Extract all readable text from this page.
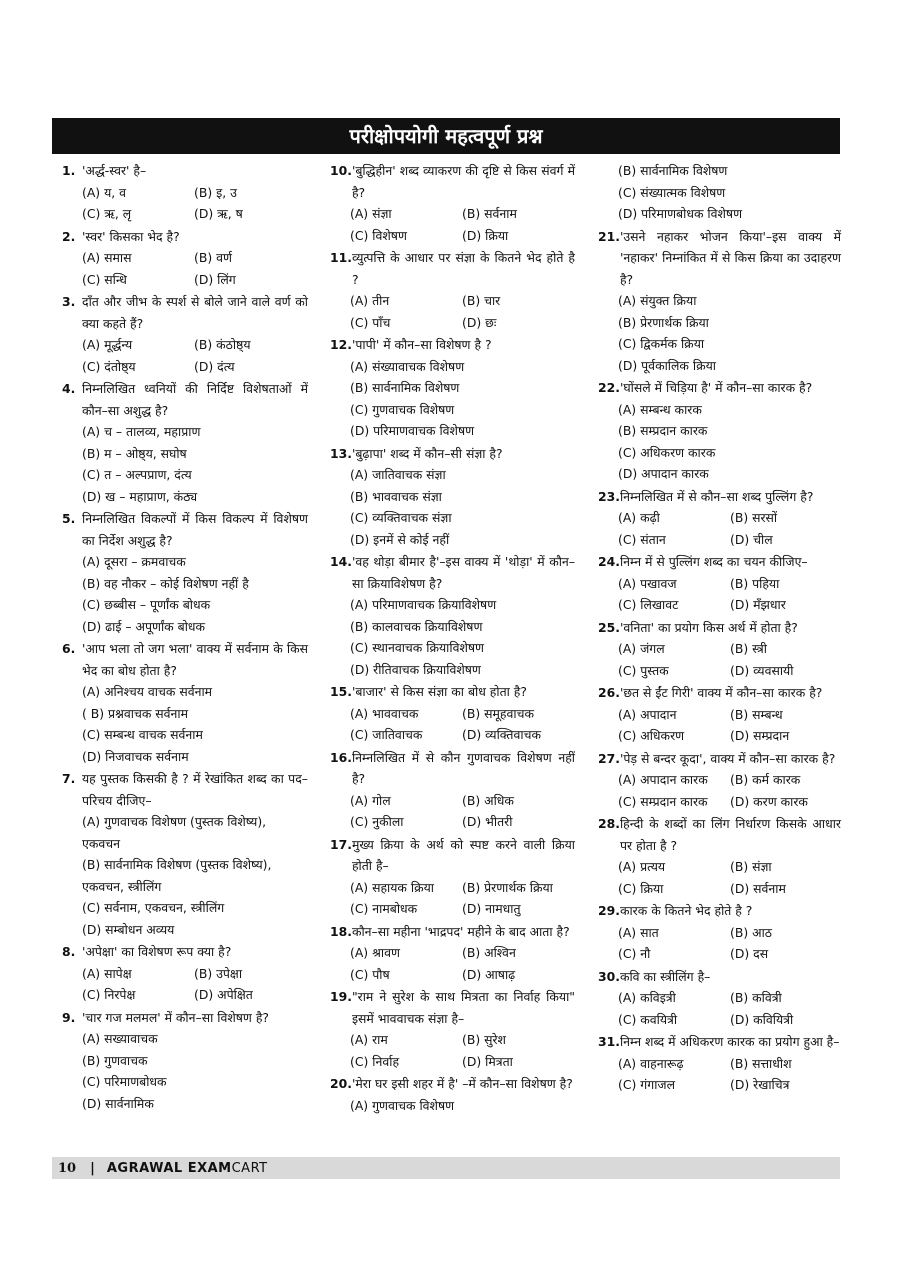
परीक्षोपयोगी महत्वपूर्ण प्रश्न
1. 'अर्द्ध-स्वर' है–
(A) य, व	(B) इ, उ
(C) ऋ, लृ	(D) ऋ, ष
2. 'स्वर' किसका भेद है?
(A) समास	(B) वर्ण
(C) सन्धि	(D) लिंग
3. दाँत और जीभ के स्पर्श से बोले जाने वाले वर्ण को क्या कहते हैं?
(A) मूर्द्धन्य	(B) कंठोष्ठ्य
(C) दंतोष्ठ्य	(D) दंत्य
4. निम्नलिखित ध्वनियों की निर्दिष्ट विशेषताओं में कौन–सा अशुद्ध है?
(A) च – तालव्य, महाप्राण
(B) म – ओष्ठ्य, सघोष
(C) त – अल्पप्राण, दंत्य
(D) ख – महाप्राण, कंठ्य
5. निम्नलिखित विकल्पों में किस विकल्प में विशेषण का निर्देश अशुद्ध है?
(A) दूसरा – क्रमवाचक
(B) वह नौकर – कोई विशेषण नहीं है
(C) छब्बीस – पूर्णांक बोधक
(D) ढाई – अपूर्णांक बोधक
6. 'आप भला तो जग भला' वाक्य में सर्वनाम के किस भेद का बोध होता है?
(A) अनिश्चय वाचक सर्वनाम
( B) प्रश्नवाचक सर्वनाम
(C) सम्बन्ध वाचक सर्वनाम
(D) निजवाचक सर्वनाम
7. यह पुस्तक किसकी है ? में रेखांकित शब्द का पद–परिचय दीजिए–
(A) गुणवाचक विशेषण (पुस्तक विशेष्य),
एकवचन
(B) सार्वनामिक विशेषण (पुस्तक विशेष्य),
एकवचन, स्त्रीलिंग
(C) सर्वनाम, एकवचन, स्त्रीलिंग
(D) सम्बोधन अव्यय
8. 'अपेक्षा' का विशेषण रूप क्या है?
(A) सापेक्ष	(B) उपेक्षा
(C) निरपेक्ष	(D) अपेक्षित
9. 'चार गज मलमल' में कौन–सा विशेषण है?
(A) सख्यावाचक
(B) गुणवाचक
(C) परिमाणबोधक
(D) सार्वनामिक
10. 'बुद्धिहीन' शब्द व्याकरण की दृष्टि से किस संवर्ग में है?
(A) संज्ञा	(B) सर्वनाम
(C) विशेषण	(D) क्रिया
11. व्युत्पत्ति के आधार पर संज्ञा के कितने भेद होते है ?
(A) तीन	(B) चार
(C) पाँच	(D) छः
12. 'पापी' में कौन–सा विशेषण है ?
(A) संख्यावाचक विशेषण
(B) सार्वनामिक विशेषण
(C) गुणवाचक विशेषण
(D) परिमाणवाचक विशेषण
13. 'बुढ़ापा' शब्द में कौन–सी संज्ञा है?
(A) जातिवाचक संज्ञा
(B) भाववाचक संज्ञा
(C) व्यक्तिवाचक संज्ञा
(D) इनमें से कोई नहीं
14. 'वह थोड़ा बीमार है'–इस वाक्य में 'थोड़ा' में कौन–सा क्रियाविशेषण है?
(A) परिमाणवाचक क्रियाविशेषण
(B) कालवाचक क्रियाविशेषण
(C) स्थानवाचक क्रियाविशेषण
(D) रीतिवाचक क्रियाविशेषण
15. 'बाजार' से किस संज्ञा का बोध होता है?
(A) भाववाचक	(B) समूहवाचक
(C) जातिवाचक	(D) व्यक्तिवाचक
16. निम्नलिखित में से कौन गुणवाचक विशेषण नहीं है?
(A) गोल	(B) अधिक
(C) नुकीला	(D) भीतरी
17. मुख्य क्रिया के अर्थ को स्पष्ट करने वाली क्रिया होती है–
(A) सहायक क्रिया	(B) प्रेरणार्थक क्रिया
(C) नामबोधक	(D) नामधातु
18. कौन–सा महीना 'भाद्रपद' महीने के बाद आता है?
(A) श्रावण	(B) अश्विन
(C) पौष	(D) आषाढ़
19. "राम ने सुरेश के साथ मित्रता का निर्वाह किया" इसमें भाववाचक संज्ञा है–
(A) राम	(B) सुरेश
(C) निर्वाह	(D) मित्रता
20. 'मेरा घर इसी शहर में है' –में कौन–सा विशेषण है?
(A) गुणवाचक विशेषण
(B) सार्वनामिक विशेषण
(C) संख्यात्मक विशेषण
(D) परिमाणबोधक विशेषण
21. 'उसने नहाकर भोजन किया'–इस वाक्य में 'नहाकर' निम्नांकित में से किस क्रिया का उदाहरण है?
(A) संयुक्त क्रिया
(B) प्रेरणार्थक क्रिया
(C) द्विकर्मक क्रिया
(D) पूर्वकालिक क्रिया
22. 'घोंसले में चिड़िया है' में कौन–सा कारक है?
(A) सम्बन्ध कारक
(B) सम्प्रदान कारक
(C) अधिकरण कारक
(D) अपादान कारक
23. निम्नलिखित में से कौन–सा शब्द पुल्लिंग है?
(A) कढ़ी	(B) सरसों
(C) संतान	(D) चील
24. निम्न में से पुल्लिंग शब्द का चयन कीजिए–
(A) पखावज	(B) पहिया
(C) लिखावट	(D) मँझधार
25. 'वनिता' का प्रयोग किस अर्थ में होता है?
(A) जंगल	(B) स्त्री
(C) पुस्तक	(D) व्यवसायी
26. 'छत से ईंट गिरी' वाक्य में कौन–सा कारक है?
(A) अपादान	(B) सम्बन्ध
(C) अधिकरण	(D) सम्प्रदान
27. 'पेड़ से बन्दर कूदा', वाक्य में कौन–सा कारक है?
(A) अपादान कारक	(B) कर्म कारक
(C) सम्प्रदान कारक	(D) करण कारक
28. हिन्दी के शब्दों का लिंग निर्धारण किसके आधार पर होता है ?
(A) प्रत्यय	(B) संज्ञा
(C) क्रिया	(D) सर्वनाम
29. कारक के कितने भेद होते है ?
(A) सात	(B) आठ
(C) नौ	(D) दस
30. कवि का स्त्रीलिंग है–
(A) कविइत्री	(B) कवित्री
(C) कवयित्री	(D) कवियित्री
31. निम्न शब्द में अधिकरण कारक का प्रयोग हुआ है–
(A) वाहनारूढ़	(B) सत्ताधीश
(C) गंगाजल	(D) रेखाचित्र
10 | AGRAWAL EXAMCART
